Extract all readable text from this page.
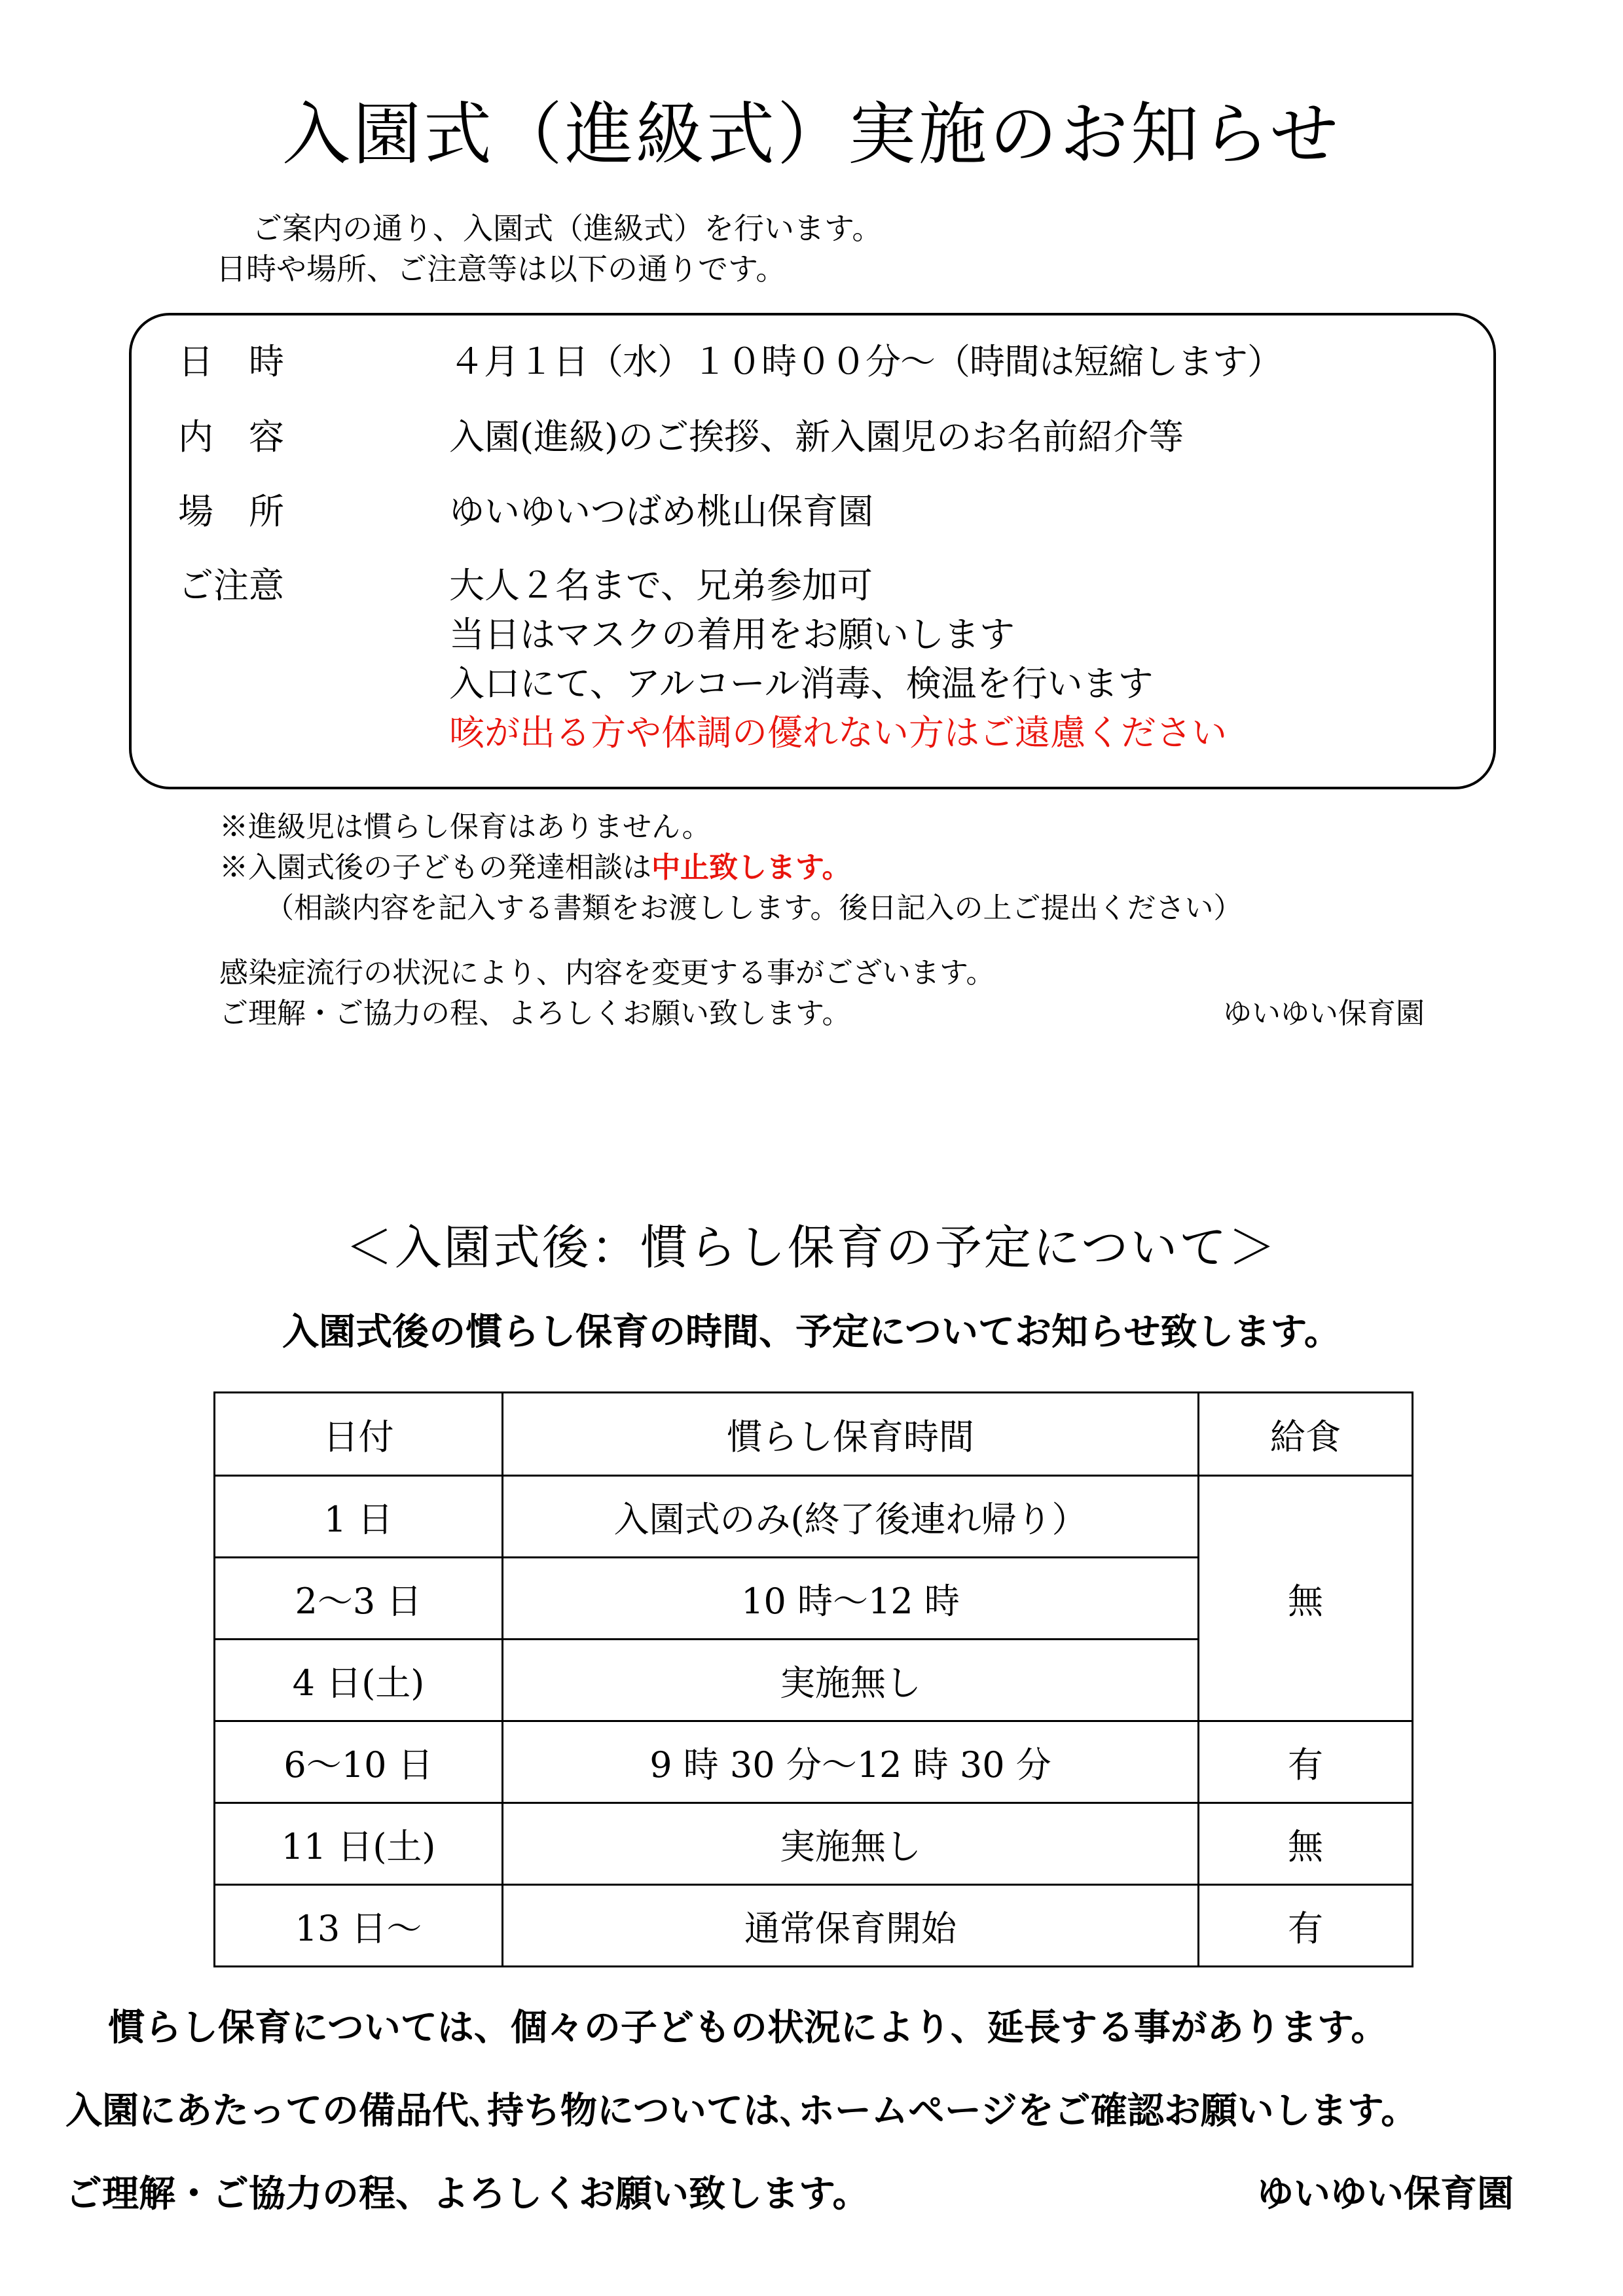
入園式（進級式）実施のお知らせ
ご案内の通り、入園式（進級式）を行います。
日時や場所、ご注意等は以下の通りです。
日　時	４月１日（水）１０時００分～（時間は短縮します）
内　容	入園(進級)のご挨拶、新入園児のお名前紹介等
場　所	ゆいゆいつばめ桃山保育園
ご注意	大人２名まで、兄弟参加可
当日はマスクの着用をお願いします
入口にて、アルコール消毒、検温を行います
咳が出る方や体調の優れない方はご遠慮ください
※進級児は慣らし保育はありません。
※入園式後の子どもの発達相談は中止致します。
（相談内容を記入する書類をお渡しします。後日記入の上ご提出ください）
感染症流行の状況により、内容を変更する事がございます。
ご理解・ご協力の程、よろしくお願い致します。	ゆいゆい保育園
＜入園式後：慣らし保育の予定について＞
入園式後の慣らし保育の時間、予定についてお知らせ致します。
日付	慣らし保育時間	給食
1 日	入園式のみ(終了後連れ帰り）	無
2～3 日	10 時～12 時	
4 日(土)	実施無し	
6～10 日	9 時 30 分～12 時 30 分	有
11 日(土)	実施無し	無
13 日～	通常保育開始	有
慣らし保育については、個々の子どもの状況により、延長する事があります。
入園にあたっての備品代､持ち物については､ホームページをご確認お願いします。
ご理解・ご協力の程、よろしくお願い致します。	ゆいゆい保育園
